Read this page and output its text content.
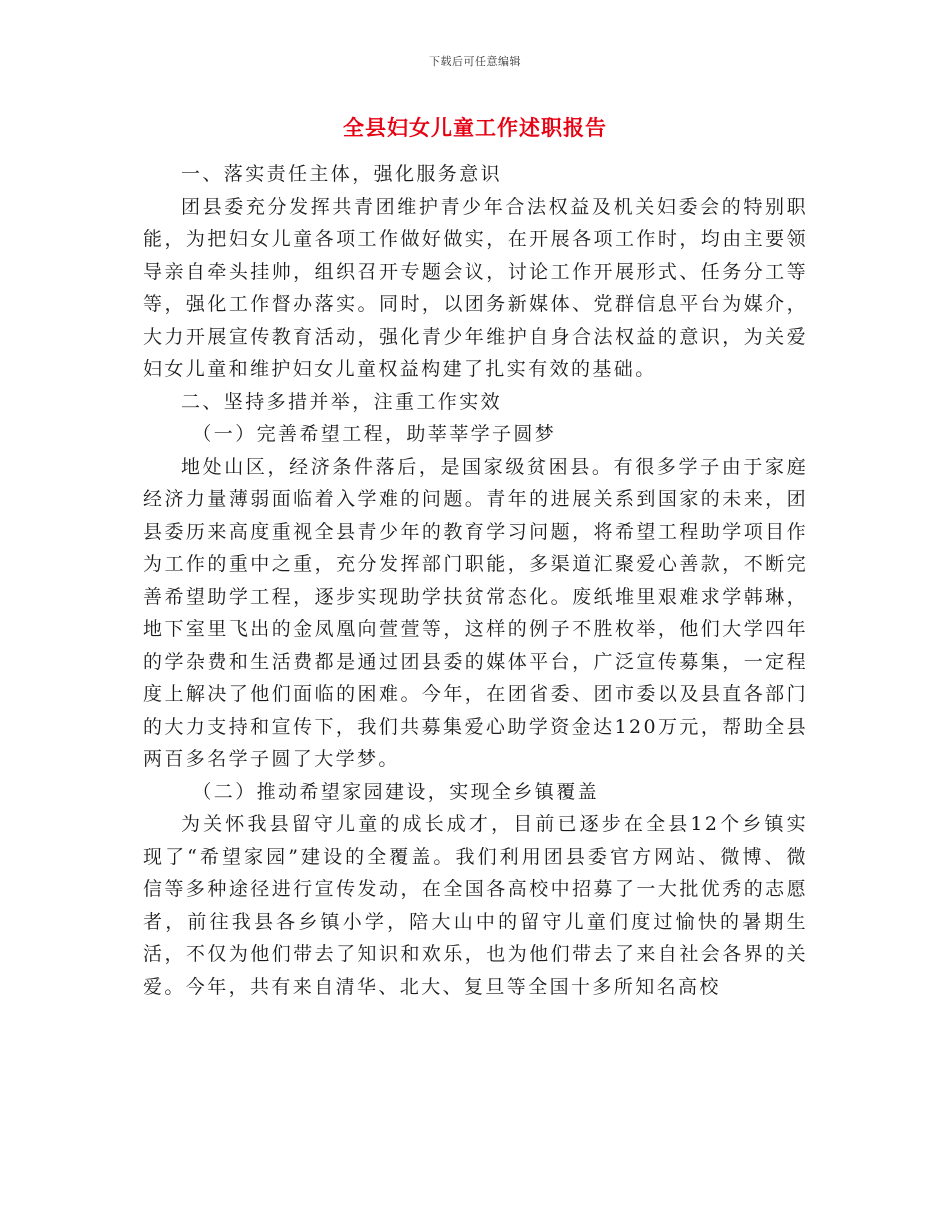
下载后可任意编辑
全县妇女儿童工作述职报告

一、落实责任主体，强化服务意识

团县委充分发挥共青团维护青少年合法权益及机关妇委会的特别职能，为把妇女儿童各项工作做好做实，在开展各项工作时，均由主要领导亲自牵头挂帅，组织召开专题会议，讨论工作开展形式、任务分工等等，强化工作督办落实。同时，以团务新媒体、党群信息平台为媒介，大力开展宣传教育活动，强化青少年维护自身合法权益的意识，为关爱妇女儿童和维护妇女儿童权益构建了扎实有效的基础。

二、坚持多措并举，注重工作实效

（一）完善希望工程，助莘莘学子圆梦

地处山区，经济条件落后，是国家级贫困县。有很多学子由于家庭经济力量薄弱面临着入学难的问题。青年的进展关系到国家的未来，团县委历来高度重视全县青少年的教育学习问题，将希望工程助学项目作为工作的重中之重，充分发挥部门职能，多渠道汇聚爱心善款，不断完善希望助学工程，逐步实现助学扶贫常态化。废纸堆里艰难求学韩琳，地下室里飞出的金凤凰向萱萱等，这样的例子不胜枚举，他们大学四年的学杂费和生活费都是通过团县委的媒体平台，广泛宣传募集，一定程度上解决了他们面临的困难。今年，在团省委、团市委以及县直各部门的大力支持和宣传下，我们共募集爱心助学资金达120万元，帮助全县两百多名学子圆了大学梦。

（二）推动希望家园建设，实现全乡镇覆盖

为关怀我县留守儿童的成长成才，目前已逐步在全县12个乡镇实现了“希望家园”建设的全覆盖。我们利用团县委官方网站、微博、微信等多种途径进行宣传发动，在全国各高校中招募了一大批优秀的志愿者，前往我县各乡镇小学，陪大山中的留守儿童们度过愉快的暑期生活，不仅为他们带去了知识和欢乐，也为他们带去了来自社会各界的关爱。今年，共有来自清华、北大、复旦等全国十多所知名高校
